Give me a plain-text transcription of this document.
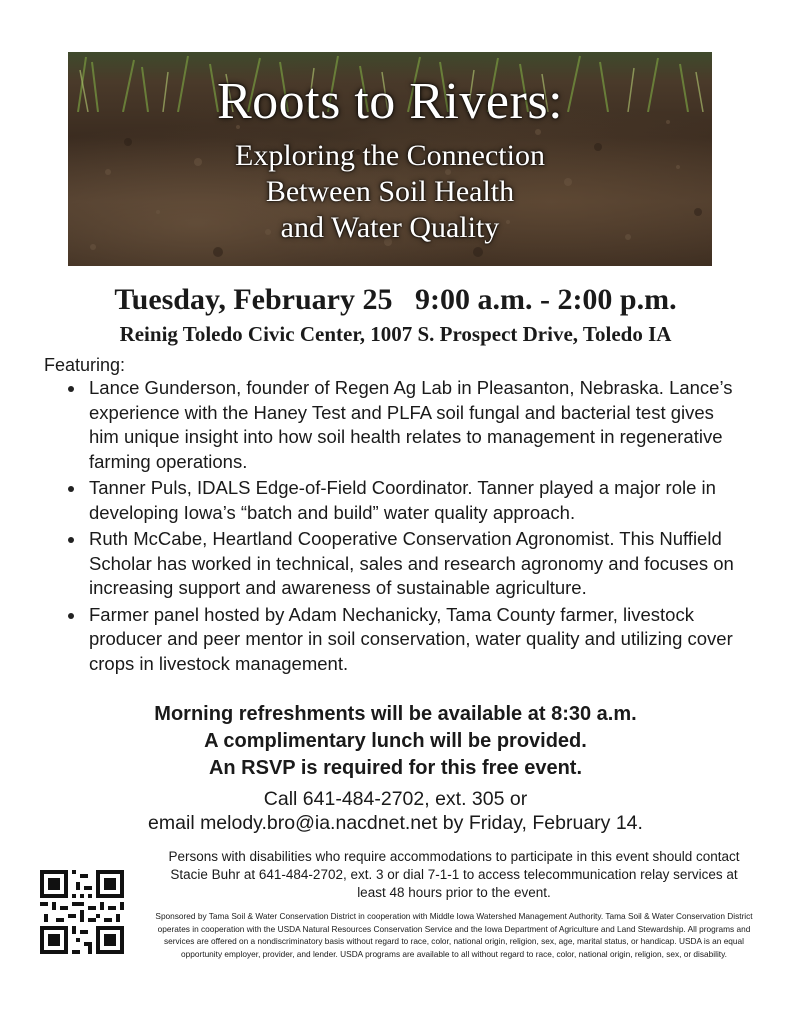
Roots to Rivers:
Exploring the Connection
Between Soil Health
and Water Quality
Tuesday, February 25   9:00 a.m. - 2:00 p.m.
Reinig Toledo Civic Center, 1007 S. Prospect Drive, Toledo IA
Featuring:
Lance Gunderson, founder of Regen Ag Lab in Pleasanton, Nebraska. Lance’s experience with the Haney Test and PLFA soil fungal and bacterial test gives him unique insight into how soil health relates to management in regenerative farming operations.
Tanner Puls, IDALS Edge-of-Field Coordinator. Tanner played a major role in developing Iowa’s “batch and build” water quality approach.
Ruth McCabe, Heartland Cooperative Conservation Agronomist. This Nuffield Scholar has worked in technical, sales and research agronomy and focuses on increasing support and awareness of sustainable agriculture.
Farmer panel hosted by Adam Nechanicky, Tama County farmer, livestock producer and peer mentor in soil conservation, water quality and utilizing cover crops in livestock management.
Morning refreshments will be available at 8:30 a.m.
A complimentary lunch will be provided.
An RSVP is required for this free event.
Call 641-484-2702, ext. 305 or
email melody.bro@ia.nacdnet.net by Friday, February 14.
Persons with disabilities who require accommodations to participate in this event should contact Stacie Buhr at 641-484-2702, ext. 3 or dial 7-1-1 to access telecommunication relay services at least 48 hours prior to the event.
Sponsored by Tama Soil & Water Conservation District in cooperation with Middle Iowa Watershed Management Authority. Tama Soil & Water Conservation District operates in cooperation with the USDA Natural Resources Conservation Service and the Iowa Department of Agriculture and Land Stewardship. All programs and services are offered on a nondiscriminatory basis without regard to race, color, national origin, religion, sex, age, marital status, or handicap. USDA is an equal opportunity employer, provider, and lender. USDA programs are available to all without regard to race, color, national origin, religion, sex, or disability.
